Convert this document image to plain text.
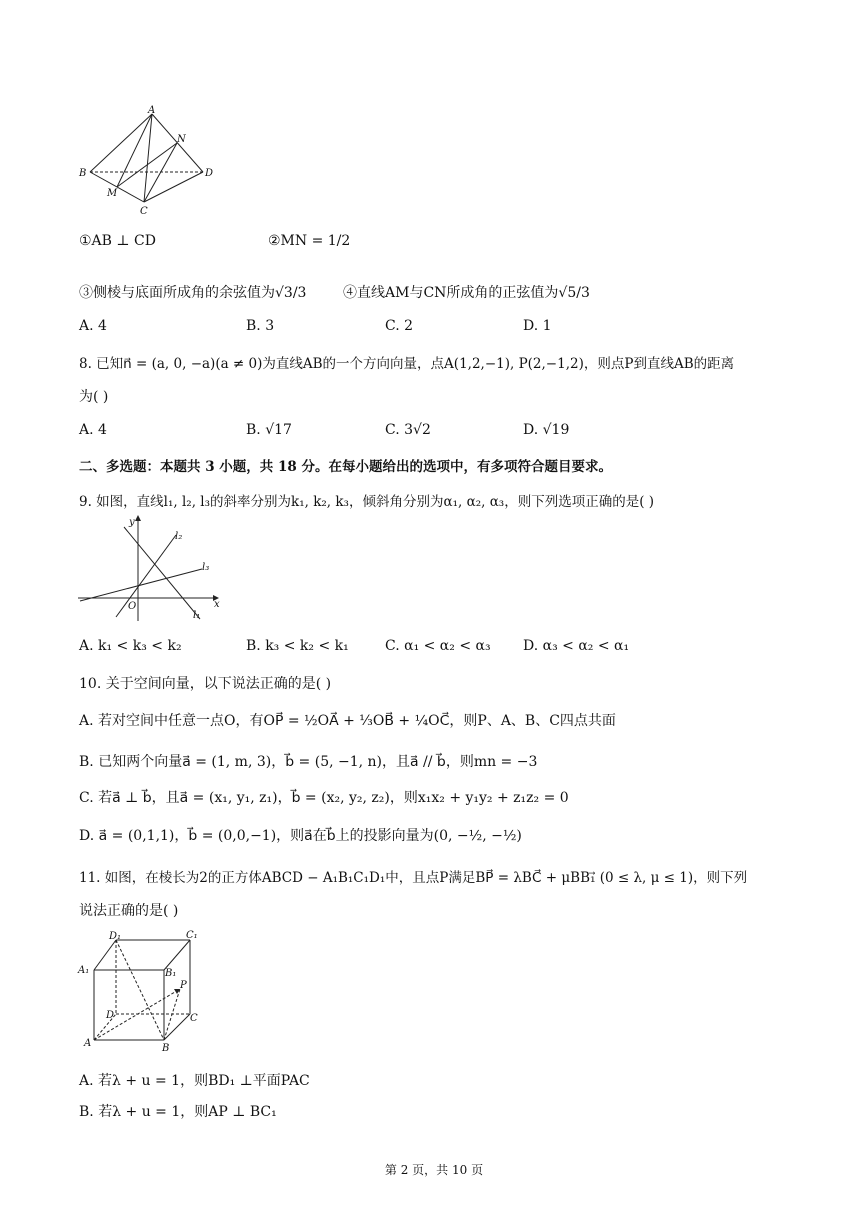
A
B
C
D
M
N
①AB ⊥ CD	②MN = 1/2
③侧棱与底面所成角的余弦值为√3/3	④直线AM与CN所成角的正弦值为√5/3
A. 4	B. 3	C. 2	D. 1
8. 已知n⃗ = (a, 0, −a)(a ≠ 0)为直线AB的一个方向向量，点A(1,2,−1), P(2,−1,2)，则点P到直线AB的距离
为( )
A. 4	B. √17	C. 3√2	D. √19
二、多选题：本题共 3 小题，共 18 分。在每小题给出的选项中，有多项符合题目要求。
9. 如图，直线l₁, l₂, l₃的斜率分别为k₁, k₂, k₃，倾斜角分别为α₁, α₂, α₃，则下列选项正确的是( )
y
x
O
l₁
l₂
l₃
A. k₁ < k₃ < k₂	B. k₃ < k₂ < k₁	C. α₁ < α₂ < α₃ D. α₃ < α₂ < α₁
10. 关于空间向量，以下说法正确的是( )
A. 若对空间中任意一点O，有OP⃗ = ½OA⃗ + ⅓OB⃗ + ¼OC⃗，则P、A、B、C四点共面
B. 已知两个向量a⃗ = (1, m, 3)，b⃗ = (5, −1, n)，且a⃗ // b⃗，则mn = −3
C. 若a⃗ ⊥ b⃗，且a⃗ = (x₁, y₁, z₁)，b⃗ = (x₂, y₂, z₂)，则x₁x₂ + y₁y₂ + z₁z₂ = 0
D. a⃗ = (0,1,1)，b⃗ = (0,0,−1)，则a⃗在b⃗上的投影向量为(0, −½, −½)
11. 如图，在棱长为2的正方体ABCD − A₁B₁C₁D₁中，且点P满足BP⃗ = λBC⃗ + μBB₁⃗ (0 ≤ λ, μ ≤ 1)，则下列
说法正确的是( )
D₁	C₁
A₁	B₁
D	C
A	B
P
A. 若λ + u = 1，则BD₁ ⊥平面PAC
B. 若λ + u = 1，则AP ⊥ BC₁
第 2 页，共 10 页
